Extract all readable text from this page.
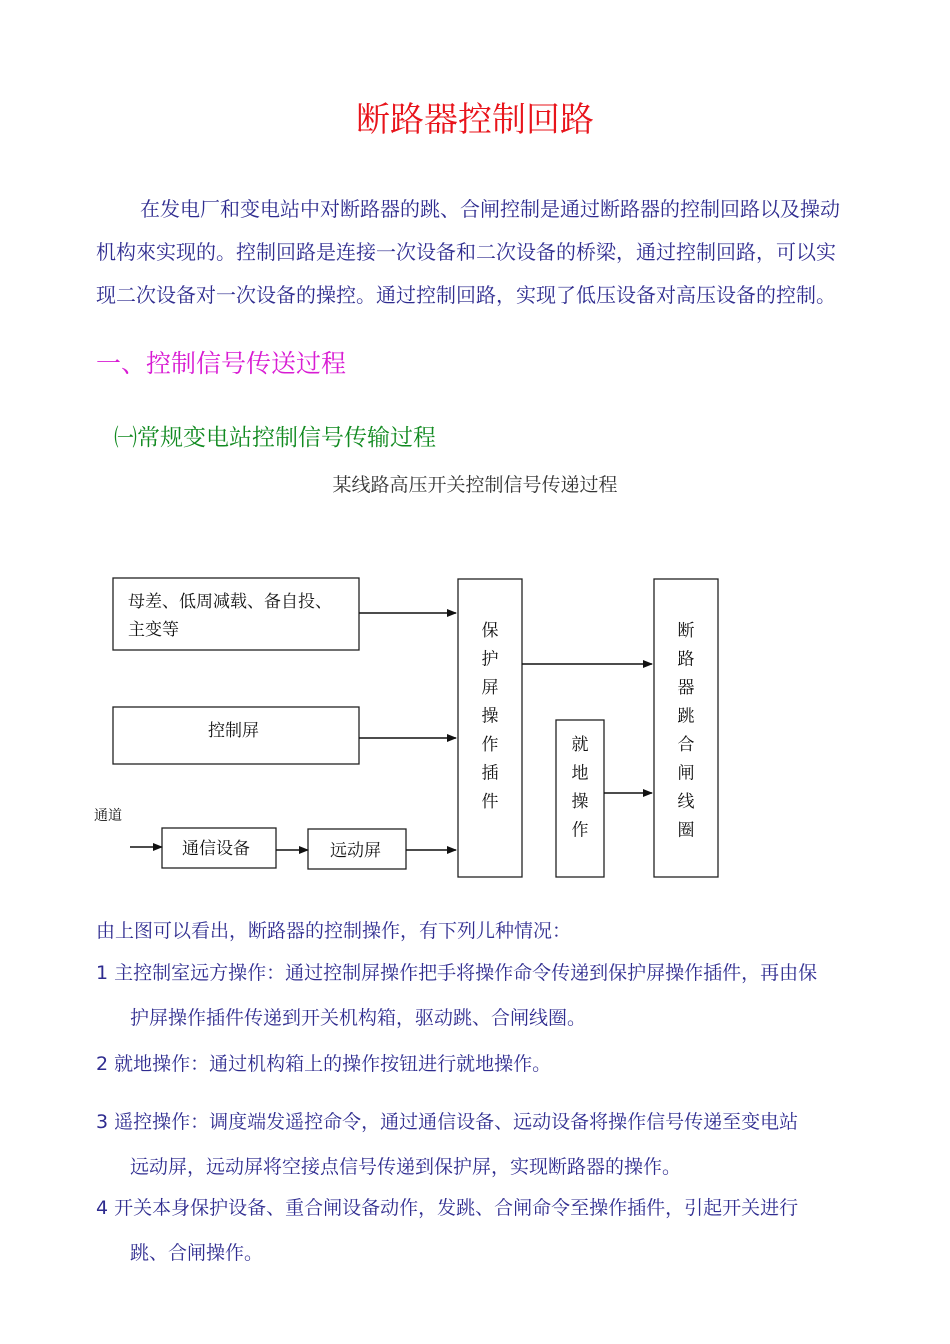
断路器控制回路
在发电厂和变电站中对断路器的跳、合闸控制是通过断路器的控制回路以及操动
机构來实现的。控制回路是连接一次设备和二次设备的桥梁，通过控制回路，可以实
现二次设备对一次设备的操控。通过控制回路，实现了低压设备对高压设备的控制。
一、控制信号传送过程
㈠常规变电站控制信号传输过程
某线路高压开关控制信号传递过程
母差、低周减载、备自投、
主变等
控制屏
通道
通信设备	远动屏
保
护
屏
操
作
插
件
就
地
操
作
断
路
器
跳
合
闸
线
圈
由上图可以看出，断路器的控制操作，有下列儿种情况：
1 主控制室远方操作：通过控制屏操作把手将操作命令传递到保护屏操作插件，再由保
护屏操作插件传递到开关机构箱，驱动跳、合闸线圈。
2 就地操作：通过机构箱上的操作按钮进行就地操作。
3 遥控操作：调度端发遥控命令，通过通信设备、远动设备将操作信号传递至变电站
远动屏，远动屏将空接点信号传递到保护屏，实现断路器的操作。
4 开关本身保护设备、重合闸设备动作，发跳、合闸命令至操作插件，引起开关进行
跳、合闸操作。
